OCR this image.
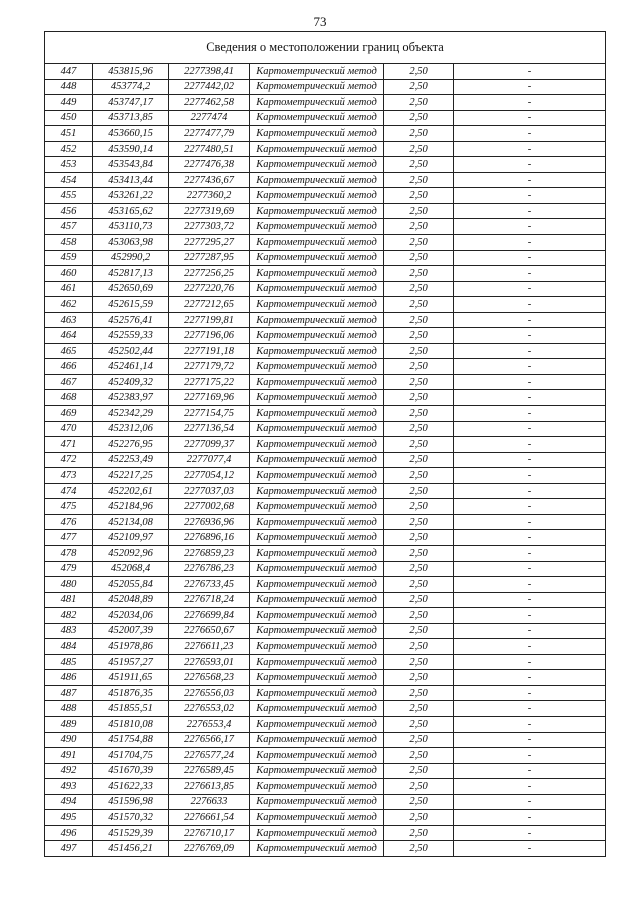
73
Сведения о местоположении границ объекта					
447	453815,96	2277398,41	Картометрический метод	2,50	-
448	453774,2	2277442,02	Картометрический метод	2,50	-
449	453747,17	2277462,58	Картометрический метод	2,50	-
450	453713,85	2277474	Картометрический метод	2,50	-
451	453660,15	2277477,79	Картометрический метод	2,50	-
452	453590,14	2277480,51	Картометрический метод	2,50	-
453	453543,84	2277476,38	Картометрический метод	2,50	-
454	453413,44	2277436,67	Картометрический метод	2,50	-
455	453261,22	2277360,2	Картометрический метод	2,50	-
456	453165,62	2277319,69	Картометрический метод	2,50	-
457	453110,73	2277303,72	Картометрический метод	2,50	-
458	453063,98	2277295,27	Картометрический метод	2,50	-
459	452990,2	2277287,95	Картометрический метод	2,50	-
460	452817,13	2277256,25	Картометрический метод	2,50	-
461	452650,69	2277220,76	Картометрический метод	2,50	-
462	452615,59	2277212,65	Картометрический метод	2,50	-
463	452576,41	2277199,81	Картометрический метод	2,50	-
464	452559,33	2277196,06	Картометрический метод	2,50	-
465	452502,44	2277191,18	Картометрический метод	2,50	-
466	452461,14	2277179,72	Картометрический метод	2,50	-
467	452409,32	2277175,22	Картометрический метод	2,50	-
468	452383,97	2277169,96	Картометрический метод	2,50	-
469	452342,29	2277154,75	Картометрический метод	2,50	-
470	452312,06	2277136,54	Картометрический метод	2,50	-
471	452276,95	2277099,37	Картометрический метод	2,50	-
472	452253,49	2277077,4	Картометрический метод	2,50	-
473	452217,25	2277054,12	Картометрический метод	2,50	-
474	452202,61	2277037,03	Картометрический метод	2,50	-
475	452184,96	2277002,68	Картометрический метод	2,50	-
476	452134,08	2276936,96	Картометрический метод	2,50	-
477	452109,97	2276896,16	Картометрический метод	2,50	-
478	452092,96	2276859,23	Картометрический метод	2,50	-
479	452068,4	2276786,23	Картометрический метод	2,50	-
480	452055,84	2276733,45	Картометрический метод	2,50	-
481	452048,89	2276718,24	Картометрический метод	2,50	-
482	452034,06	2276699,84	Картометрический метод	2,50	-
483	452007,39	2276650,67	Картометрический метод	2,50	-
484	451978,86	2276611,23	Картометрический метод	2,50	-
485	451957,27	2276593,01	Картометрический метод	2,50	-
486	451911,65	2276568,23	Картометрический метод	2,50	-
487	451876,35	2276556,03	Картометрический метод	2,50	-
488	451855,51	2276553,02	Картометрический метод	2,50	-
489	451810,08	2276553,4	Картометрический метод	2,50	-
490	451754,88	2276566,17	Картометрический метод	2,50	-
491	451704,75	2276577,24	Картометрический метод	2,50	-
492	451670,39	2276589,45	Картометрический метод	2,50	-
493	451622,33	2276613,85	Картометрический метод	2,50	-
494	451596,98	2276633	Картометрический метод	2,50	-
495	451570,32	2276661,54	Картометрический метод	2,50	-
496	451529,39	2276710,17	Картометрический метод	2,50	-
497	451456,21	2276769,09	Картометрический метод	2,50	-
